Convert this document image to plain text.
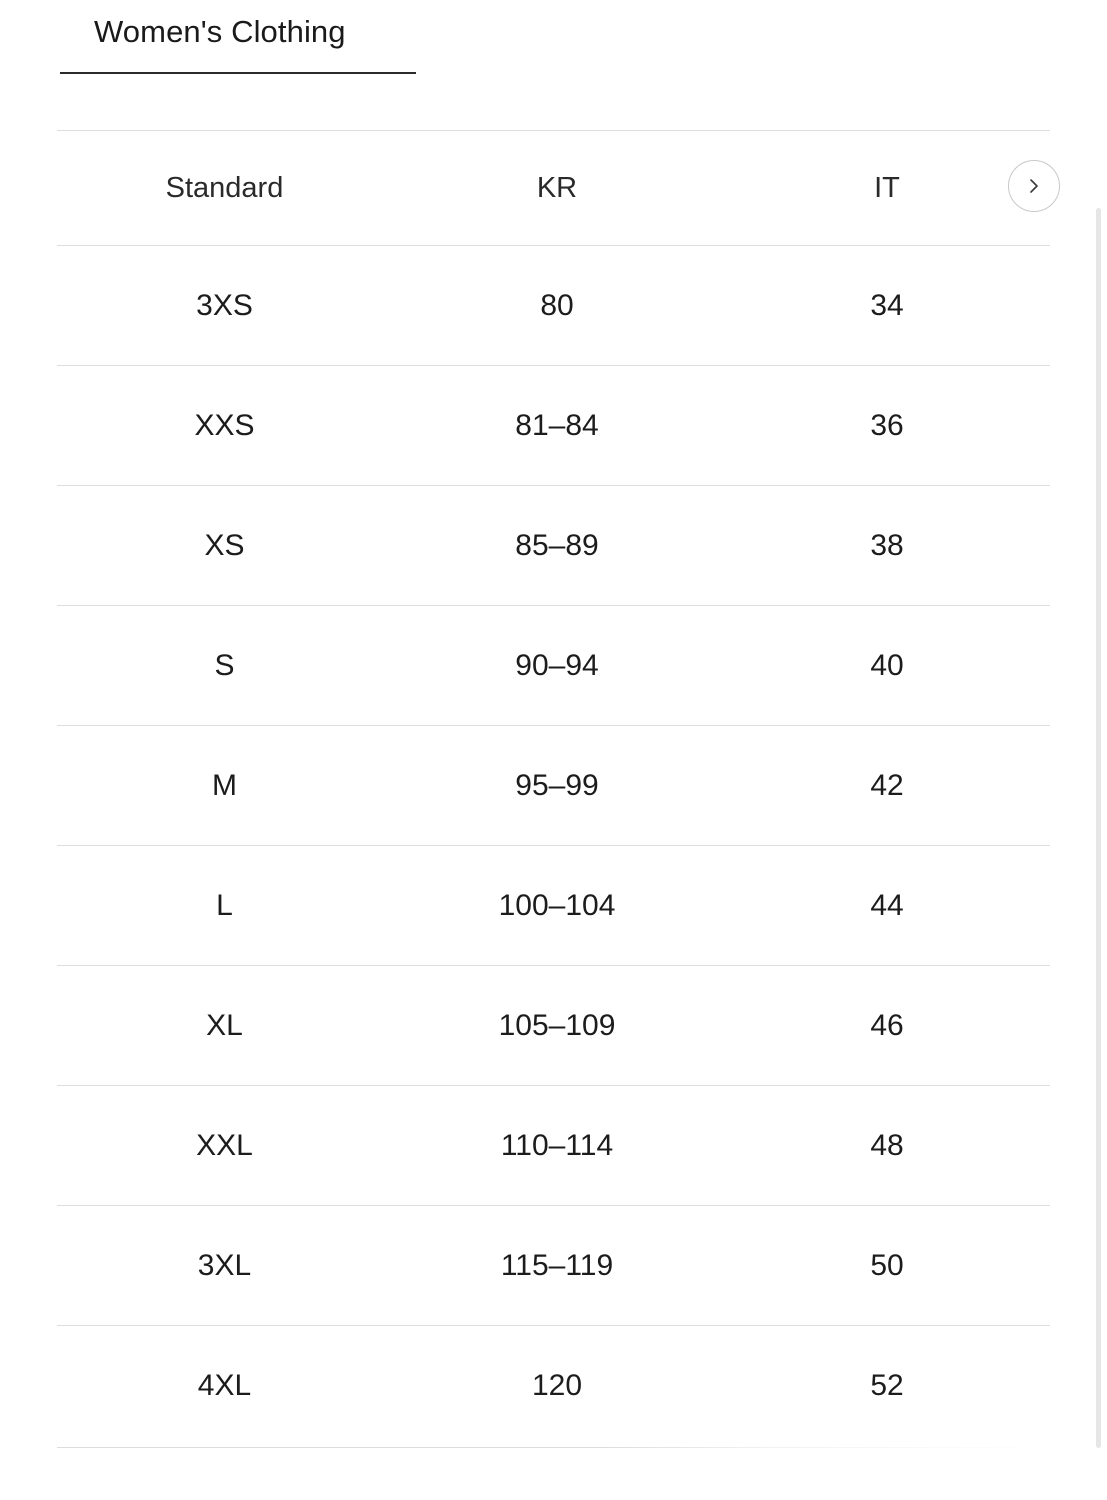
Women's Clothing
Standard	KR	IT
3XS	80	34
XXS	81–84	36
XS	85–89	38
S	90–94	40
M	95–99	42
L	100–104	44
XL	105–109	46
XXL	110–114	48
3XL	115–119	50
4XL	120	52
